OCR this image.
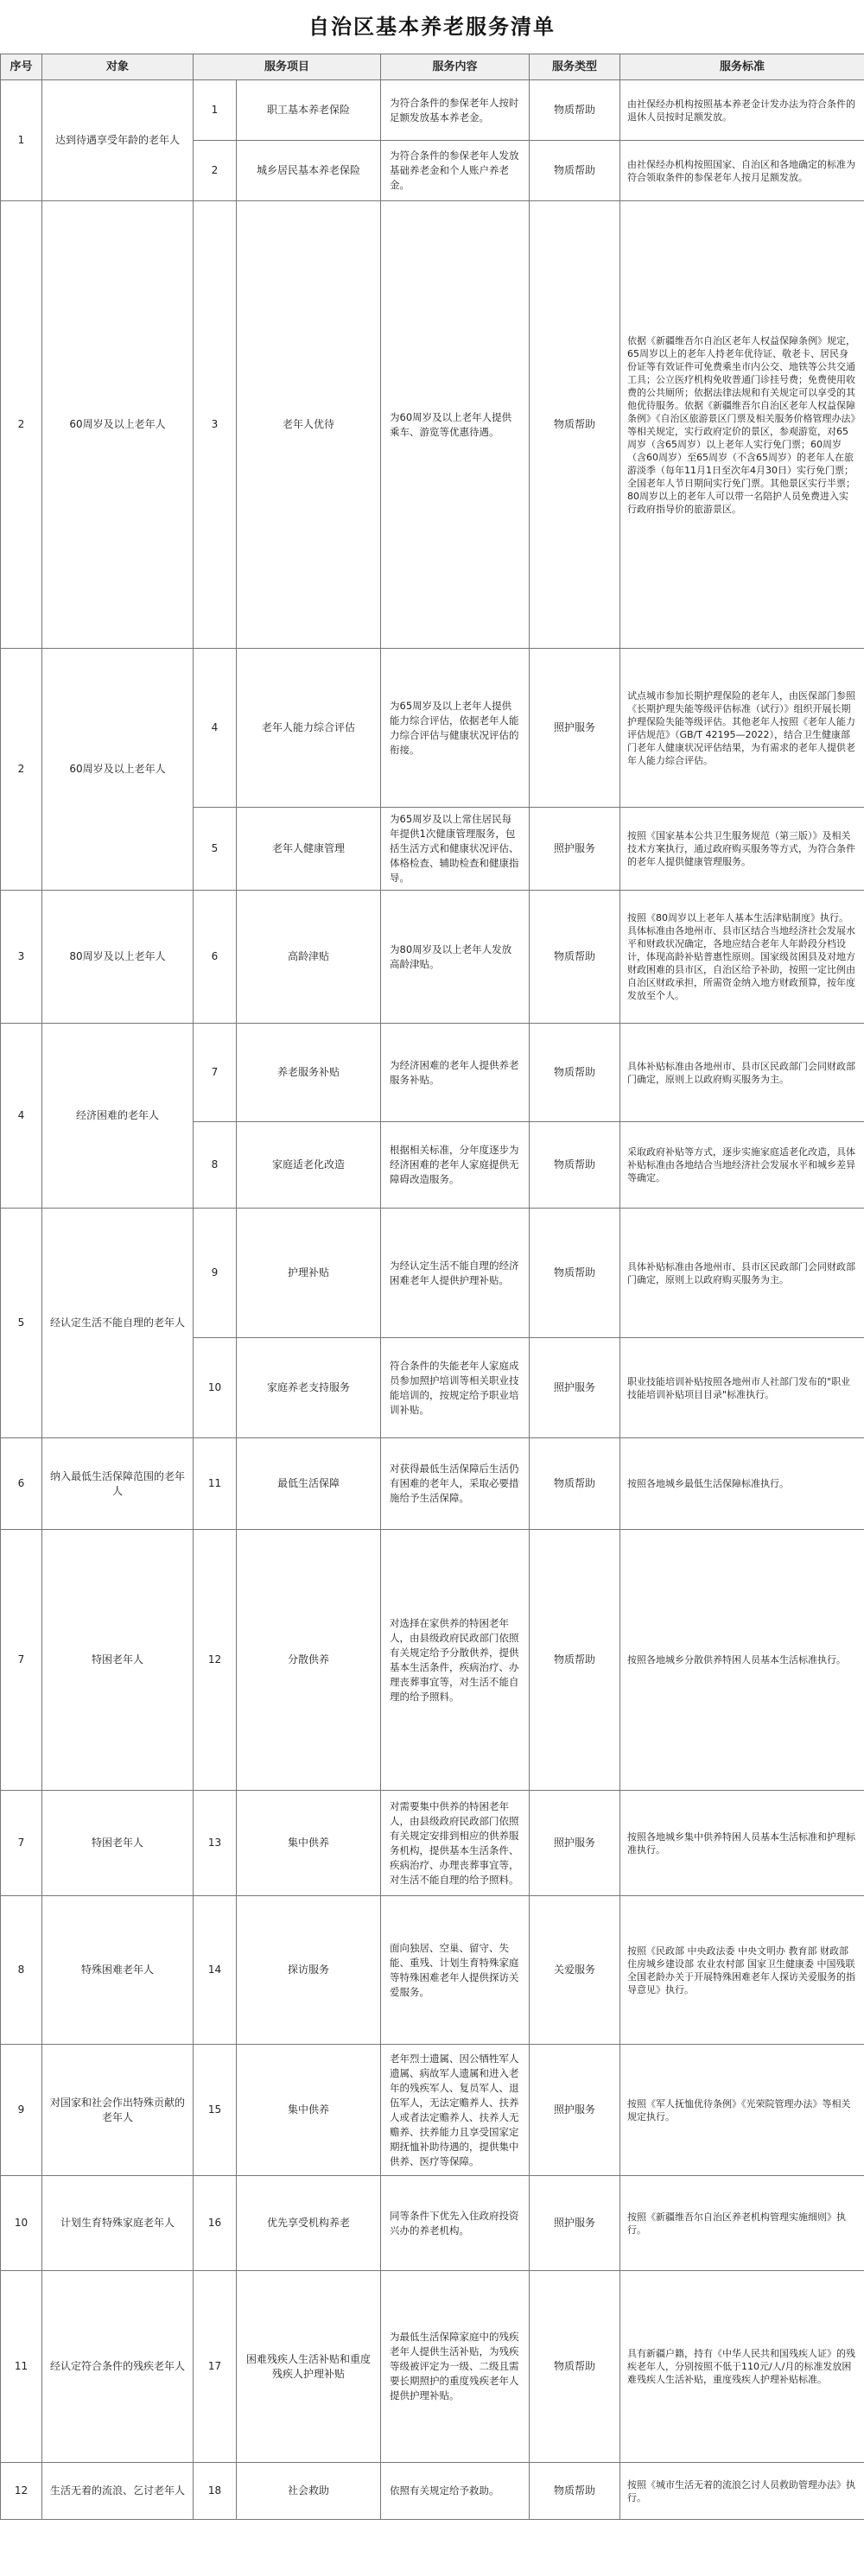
自治区基本养老服务清单
序号	对象	服务项目		服务内容	服务类型	服务标准
1	达到待遇享受年龄的老年人	1	职工基本养老保险	为符合条件的参保老年人按时足额发放基本养老金。	物质帮助	由社保经办机构按照基本养老金计发办法为符合条件的退休人员按时足额发放。
		2	城乡居民基本养老保险	为符合条件的参保老年人发放基础养老金和个人账户养老金。	物质帮助	由社保经办机构按照国家、自治区和各地确定的标准为符合领取条件的参保老年人按月足额发放。
2	60周岁及以上老年人	3	老年人优待	为60周岁及以上老年人提供乘车、游览等优惠待遇。	物质帮助	依据《新疆维吾尔自治区老年人权益保障条例》规定，65周岁以上的老年人持老年优待证、敬老卡、居民身份证等有效证件可免费乘坐市内公交、地铁等公共交通工具；公立医疗机构免收普通门诊挂号费；免费使用收费的公共厕所；依据法律法规和有关规定可以享受的其他优待服务。依据《新疆维吾尔自治区老年人权益保障条例》《自治区旅游景区门票及相关服务价格管理办法》等相关规定，实行政府定价的景区，参观游览，对65周岁（含65周岁）以上老年人实行免门票；60周岁（含60周岁）至65周岁（不含65周岁）的老年人在旅游淡季（每年11月1日至次年4月30日）实行免门票；全国老年人节日期间实行免门票。其他景区实行半票；80周岁以上的老年人可以带一名陪护人员免费进入实行政府指导价的旅游景区。
2	60周岁及以上老年人	4	老年人能力综合评估	为65周岁及以上老年人提供能力综合评估，依据老年人能力综合评估与健康状况评估的衔接。	照护服务	试点城市参加长期护理保险的老年人，由医保部门参照《长期护理失能等级评估标准（试行）》组织开展长期护理保险失能等级评估。其他老年人按照《老年人能力评估规范》（GB/T 42195—2022），结合卫生健康部门老年人健康状况评估结果，为有需求的老年人提供老年人能力综合评估。
		5	老年人健康管理	为65周岁及以上常住居民每年提供1次健康管理服务，包括生活方式和健康状况评估、体格检查、辅助检查和健康指导。	照护服务	按照《国家基本公共卫生服务规范（第三版）》及相关技术方案执行，通过政府购买服务等方式，为符合条件的老年人提供健康管理服务。
3	80周岁及以上老年人	6	高龄津贴	为80周岁及以上老年人发放高龄津贴。	物质帮助	按照《80周岁以上老年人基本生活津贴制度》执行。具体标准由各地州市、县市区结合当地经济社会发展水平和财政状况确定，各地应结合老年人年龄段分档设计，体现高龄补贴普惠性原则。国家级贫困县及对地方财政困难的县市区，自治区给予补助，按照一定比例由自治区财政承担，所需资金纳入地方财政预算，按年度发放至个人。
4	经济困难的老年人	7	养老服务补贴	为经济困难的老年人提供养老服务补贴。	物质帮助	具体补贴标准由各地州市、县市区民政部门会同财政部门确定，原则上以政府购买服务为主。
		8	家庭适老化改造	根据相关标准，分年度逐步为经济困难的老年人家庭提供无障碍改造服务。	物质帮助	采取政府补贴等方式，逐步实施家庭适老化改造，具体补贴标准由各地结合当地经济社会发展水平和城乡差异等确定。
5	经认定生活不能自理的老年人	9	护理补贴	为经认定生活不能自理的经济困难老年人提供护理补贴。	物质帮助	具体补贴标准由各地州市、县市区民政部门会同财政部门确定，原则上以政府购买服务为主。
		10	家庭养老支持服务	符合条件的失能老年人家庭成员参加照护培训等相关职业技能培训的，按规定给予职业培训补贴。	照护服务	职业技能培训补贴按照各地州市人社部门发布的"职业技能培训补贴项目目录"标准执行。
6	纳入最低生活保障范围的老年人	11	最低生活保障	对获得最低生活保障后生活仍有困难的老年人，采取必要措施给予生活保障。	物质帮助	按照各地城乡最低生活保障标准执行。
7	特困老年人	12	分散供养	对选择在家供养的特困老年人，由县级政府民政部门依照有关规定给予分散供养，提供基本生活条件，疾病治疗、办理丧葬事宜等，对生活不能自理的给予照料。	物质帮助	按照各地城乡分散供养特困人员基本生活标准执行。
7	特困老年人	13	集中供养	对需要集中供养的特困老年人，由县级政府民政部门依照有关规定安排到相应的供养服务机构，提供基本生活条件、疾病治疗、办理丧葬事宜等，对生活不能自理的给予照料。	照护服务	按照各地城乡集中供养特困人员基本生活标准和护理标准执行。
8	特殊困难老年人	14	探访服务	面向独居、空巢、留守、失能、重残、计划生育特殊家庭等特殊困难老年人提供探访关爱服务。	关爱服务	按照《民政部 中央政法委 中央文明办 教育部 财政部 住房城乡建设部 农业农村部 国家卫生健康委 中国残联 全国老龄办关于开展特殊困难老年人探访关爱服务的指导意见》执行。
9	对国家和社会作出特殊贡献的老年人	15	集中供养	老年烈士遗属、因公牺牲军人遗属、病故军人遗属和进入老年的残疾军人、复员军人、退伍军人，无法定赡养人、扶养人或者法定赡养人、扶养人无赡养、扶养能力且享受国家定期抚恤补助待遇的，提供集中供养、医疗等保障。	照护服务	按照《军人抚恤优待条例》《光荣院管理办法》等相关规定执行。
10	计划生育特殊家庭老年人	16	优先享受机构养老	同等条件下优先入住政府投资兴办的养老机构。	照护服务	按照《新疆维吾尔自治区养老机构管理实施细则》执行。
11	经认定符合条件的残疾老年人	17	困难残疾人生活补贴和重度残疾人护理补贴	为最低生活保障家庭中的残疾老年人提供生活补贴，为残疾等级被评定为一级、二级且需要长期照护的重度残疾老年人提供护理补贴。	物质帮助	具有新疆户籍，持有《中华人民共和国残疾人证》的残疾老年人，分别按照不低于110元/人/月的标准发放困难残疾人生活补贴，重度残疾人护理补贴标准。
12	生活无着的流浪、乞讨老年人	18	社会救助	依照有关规定给予救助。	物质帮助	按照《城市生活无着的流浪乞讨人员救助管理办法》执行。
